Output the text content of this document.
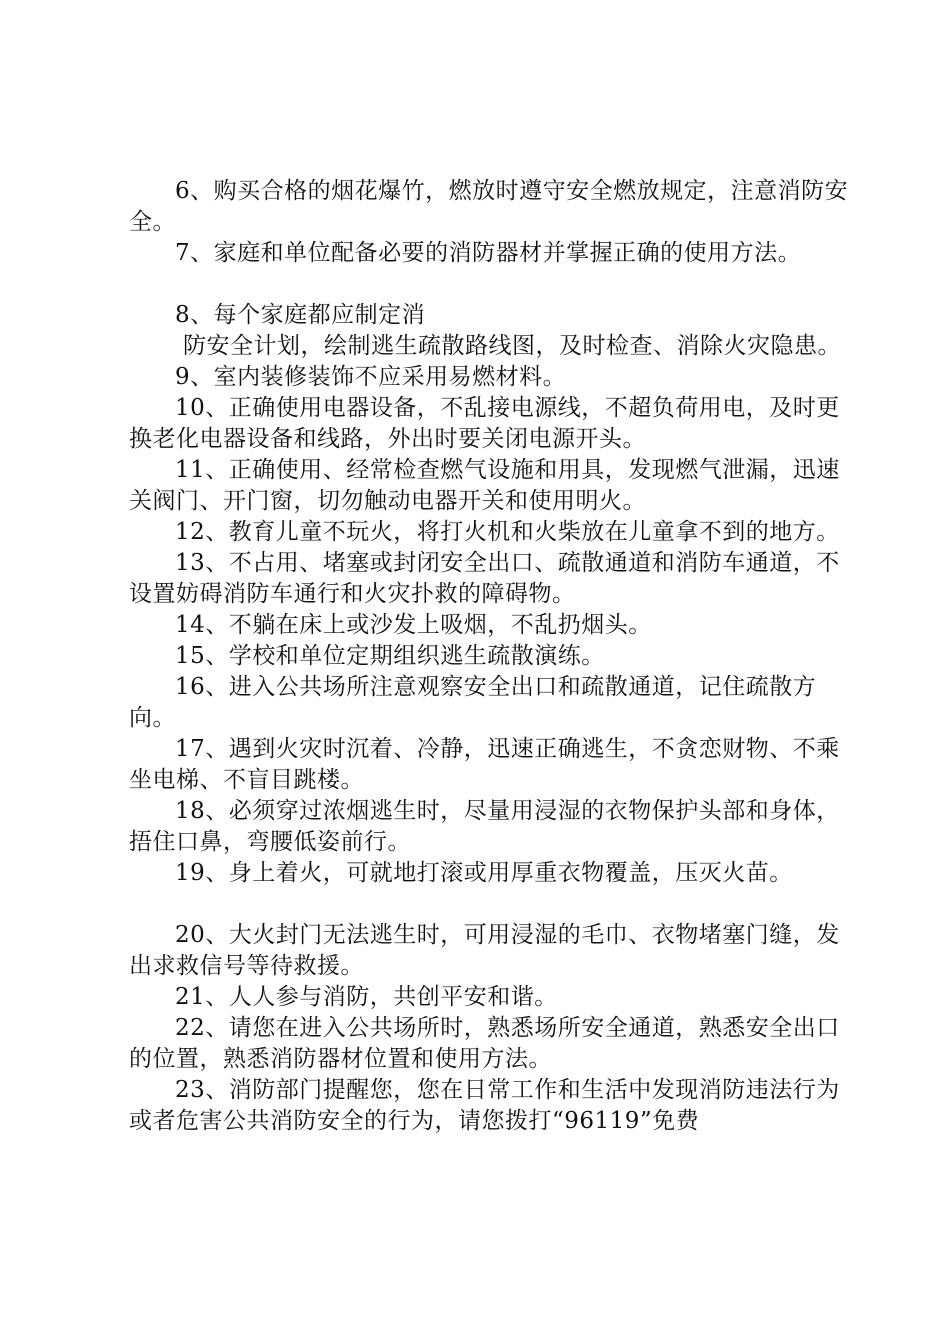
6、购买合格的烟花爆竹，燃放时遵守安全燃放规定，注意消防安全。

7、家庭和单位配备必要的消防器材并掌握正确的使用方法。

8、每个家庭都应制定消

防安全计划，绘制逃生疏散路线图，及时检查、消除火灾隐患。

9、室内装修装饰不应采用易燃材料。

10、正确使用电器设备，不乱接电源线，不超负荷用电，及时更换老化电器设备和线路，外出时要关闭电源开头。

11、正确使用、经常检查燃气设施和用具，发现燃气泄漏，迅速关阀门、开门窗，切勿触动电器开关和使用明火。

12、教育儿童不玩火，将打火机和火柴放在儿童拿不到的地方。

13、不占用、堵塞或封闭安全出口、疏散通道和消防车通道，不设置妨碍消防车通行和火灾扑救的障碍物。

14、不躺在床上或沙发上吸烟，不乱扔烟头。

15、学校和单位定期组织逃生疏散演练。

16、进入公共场所注意观察安全出口和疏散通道，记住疏散方向。

17、遇到火灾时沉着、冷静，迅速正确逃生，不贪恋财物、不乘坐电梯、不盲目跳楼。

18、必须穿过浓烟逃生时，尽量用浸湿的衣物保护头部和身体，捂住口鼻，弯腰低姿前行。

19、身上着火，可就地打滚或用厚重衣物覆盖，压灭火苗。

20、大火封门无法逃生时，可用浸湿的毛巾、衣物堵塞门缝，发出求救信号等待救援。

21、人人参与消防，共创平安和谐。

22、请您在进入公共场所时，熟悉场所安全通道，熟悉安全出口的位置，熟悉消防器材位置和使用方法。

23、消防部门提醒您，您在日常工作和生活中发现消防违法行为或者危害公共消防安全的行为，请您拨打“96119”免费
